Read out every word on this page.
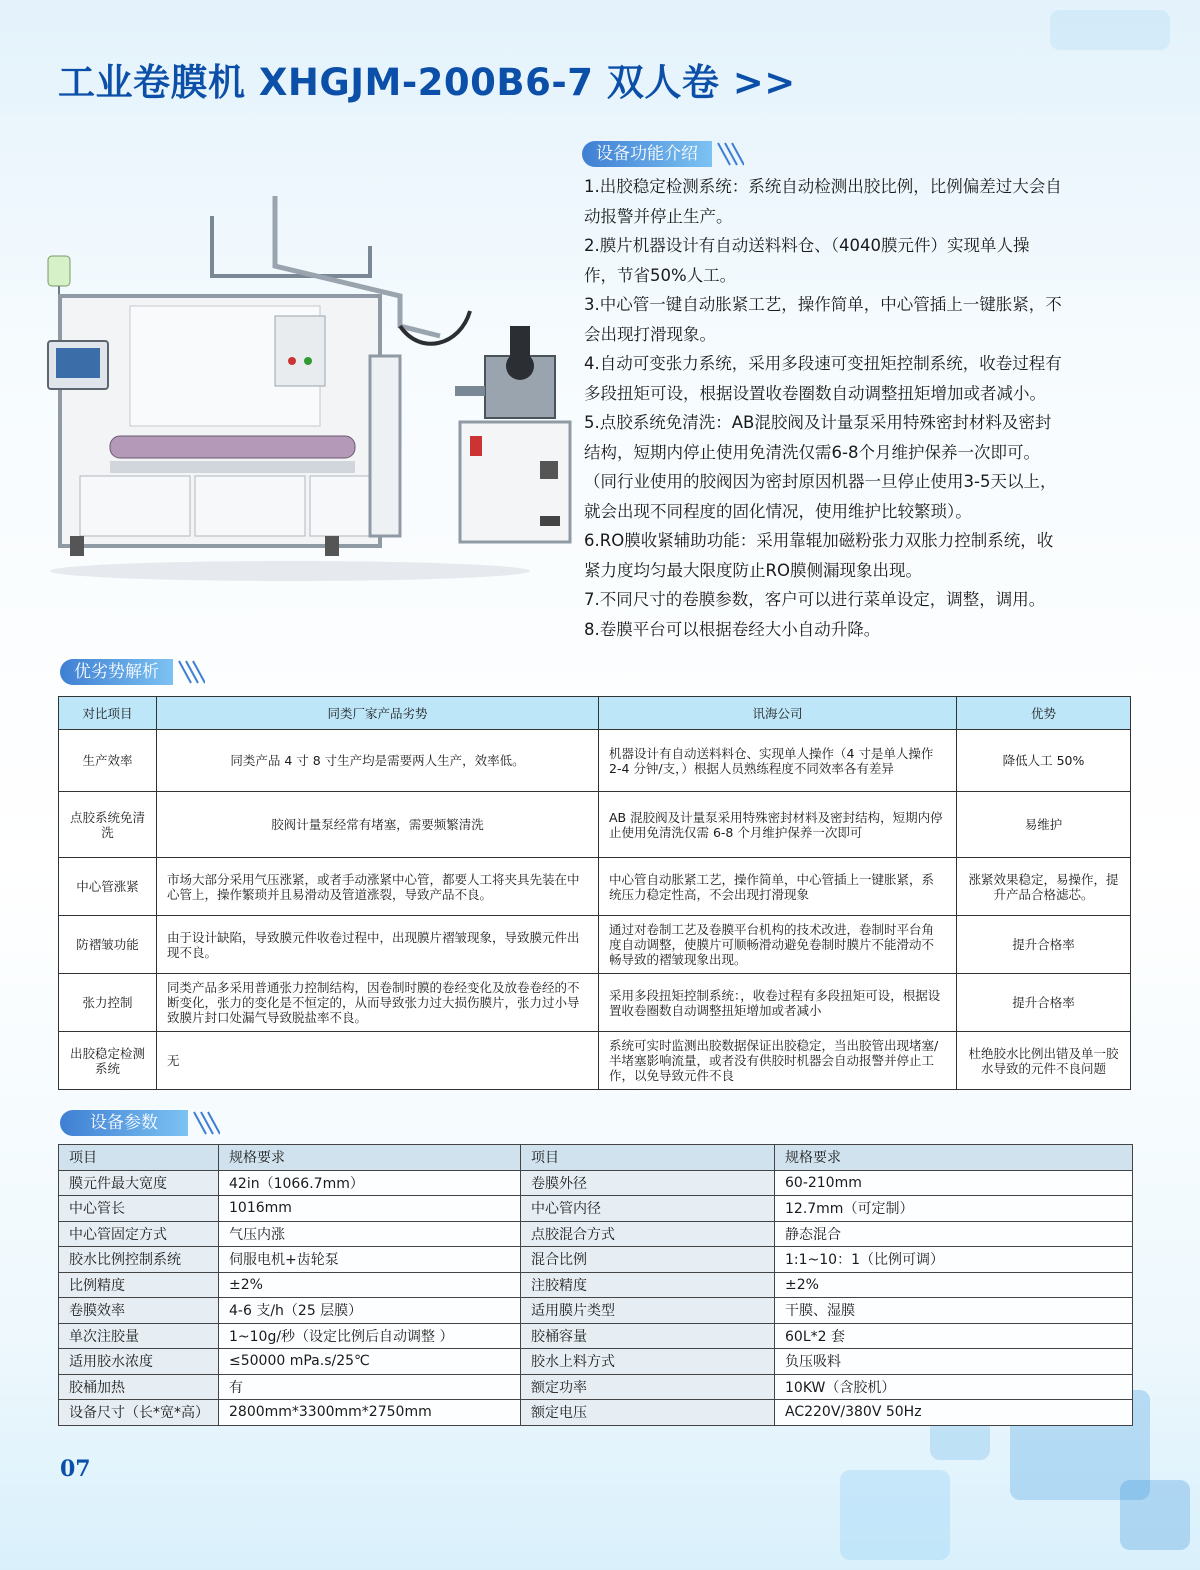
工业卷膜机 XHGJM-200B6-7 双人卷 >>
设备功能介绍
1.出胶稳定检测系统：系统自动检测出胶比例，比例偏差过大会自
动报警并停止生产。
2.膜片机器设计有自动送料料仓、（4040膜元件）实现单人操
作，节省50%人工。
3.中心管一键自动胀紧工艺，操作简单，中心管插上一键胀紧，不
会出现打滑现象。
4.自动可变张力系统，采用多段速可变扭矩控制系统，收卷过程有
多段扭矩可设，根据设置收卷圈数自动调整扭矩增加或者减小。
5.点胶系统免清洗：AB混胶阀及计量泵采用特殊密封材料及密封
结构，短期内停止使用免清洗仅需6-8个月维护保养一次即可。
（同行业使用的胶阀因为密封原因机器一旦停止使用3-5天以上，
就会出现不同程度的固化情况，使用维护比较繁琐）。
6.RO膜收紧辅助功能：采用靠辊加磁粉张力双胀力控制系统，收
紧力度均匀最大限度防止RO膜侧漏现象出现。
7.不同尺寸的卷膜参数，客户可以进行菜单设定，调整，调用。
8.卷膜平台可以根据卷经大小自动升降。
优劣势解析
对比项目	同类厂家产品劣势	讯海公司	优势
生产效率	同类产品 4 寸 8 寸生产均是需要两人生产，效率低。	机器设计有自动送料料仓、实现单人操作（4 寸是单人操作 2-4 分钟/支，）根据人员熟练程度不同效率各有差异	降低人工 50%
点胶系统免清洗	胶阀计量泵经常有堵塞，需要频繁清洗	AB 混胶阀及计量泵采用特殊密封材料及密封结构，短期内停止使用免清洗仅需 6-8 个月维护保养一次即可	易维护
中心管涨紧	市场大部分采用气压涨紧，或者手动涨紧中心管，都要人工将夹具先装在中心管上，操作繁琐并且易滑动及管道涨裂，导致产品不良。	中心管自动胀紧工艺，操作简单，中心管插上一键胀紧，系统压力稳定性高，不会出现打滑现象	涨紧效果稳定，易操作，提升产品合格滤芯。
防褶皱功能	由于设计缺陷，导致膜元件收卷过程中，出现膜片褶皱现象，导致膜元件出现不良。	通过对卷制工艺及卷膜平台机构的技术改进，卷制时平台角度自动调整，使膜片可顺畅滑动避免卷制时膜片不能滑动不畅导致的褶皱现象出现。	提升合格率
张力控制	同类产品多采用普通张力控制结构，因卷制时膜的卷经变化及放卷卷经的不断变化，张力的变化是不恒定的，从而导致张力过大损伤膜片，张力过小导致膜片封口处漏气导致脱盐率不良。	采用多段扭矩控制系统：，收卷过程有多段扭矩可设，根据设置收卷圈数自动调整扭矩增加或者减小	提升合格率
出胶稳定检测系统	无	系统可实时监测出胶数据保证出胶稳定，当出胶管出现堵塞/半堵塞影响流量，或者没有供胶时机器会自动报警并停止工作，以免导致元件不良	杜绝胶水比例出错及单一胶水导致的元件不良问题
设备参数
项目	规格要求	项目	规格要求
膜元件最大宽度	42in（1066.7mm）	卷膜外径	60-210mm
中心管长	1016mm	中心管内径	12.7mm（可定制）
中心管固定方式	气压内涨	点胶混合方式	静态混合
胶水比例控制系统	伺服电机+齿轮泵	混合比例	1:1~10：1（比例可调）
比例精度	±2%	注胶精度	±2%
卷膜效率	4-6 支/h（25 层膜）	适用膜片类型	干膜、湿膜
单次注胶量	1~10g/秒（设定比例后自动调整 ）	胶桶容量	60L*2 套
适用胶水浓度	≤50000 mPa.s/25℃	胶水上料方式	负压吸料
胶桶加热	有	额定功率	10KW（含胶机）
设备尺寸（长*宽*高）	2800mm*3300mm*2750mm	额定电压	AC220V/380V 50Hz
07
